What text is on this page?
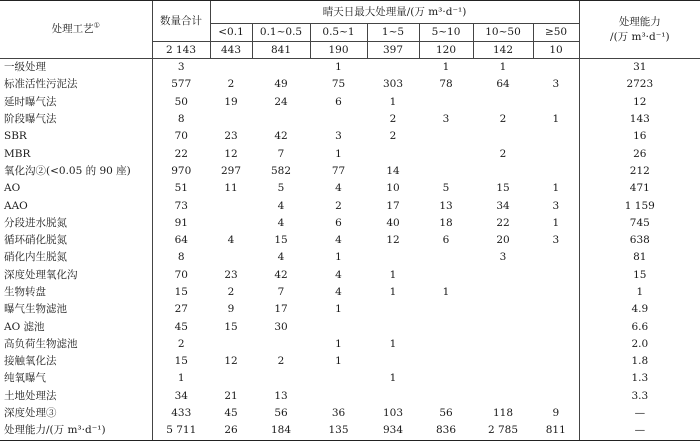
处理工艺①	数量合计	晴天日最大处理量/(万 m³·d⁻¹)							处理能力
/(万 m³·d⁻¹)

		<0.1	0.1~0.5	0.5~1	1~5	5~10	10~50	≥50	
	2 143	443	841	190	397	120	142	10	
一级处理	3			1		1	1		31
标准活性污泥法	577	2	49	75	303	78	64	3	2723
延时曝气法	50	19	24	6	1				12
阶段曝气法	8				2	3	2	1	143
SBR	70	23	42	3	2				16
MBR	22	12	7	1			2		26
氧化沟②(<0.05 的 90 座)	970	297	582	77	14				212
AO	51	11	5	4	10	5	15	1	471
AAO	73		4	2	17	13	34	3	1 159
分段进水脱氮	91		4	6	40	18	22	1	745
循环硝化脱氮	64	4	15	4	12	6	20	3	638
硝化内生脱氮	8		4	1			3		81
深度处理氧化沟	70	23	42	4	1				15
生物转盘	15	2	7	4	1	1			1
曝气生物滤池	27	9	17	1					4.9
AO 滤池	45	15	30						6.6
高负荷生物滤池	2			1	1				2.0
接触氧化法	15	12	2	1					1.8
纯氧曝气	1				1				1.3
土地处理法	34	21	13						3.3
深度处理③	433	45	56	36	103	56	118	9	—
处理能力/(万 m³·d⁻¹)	5 711	26	184	135	934	836	2 785	811	—
